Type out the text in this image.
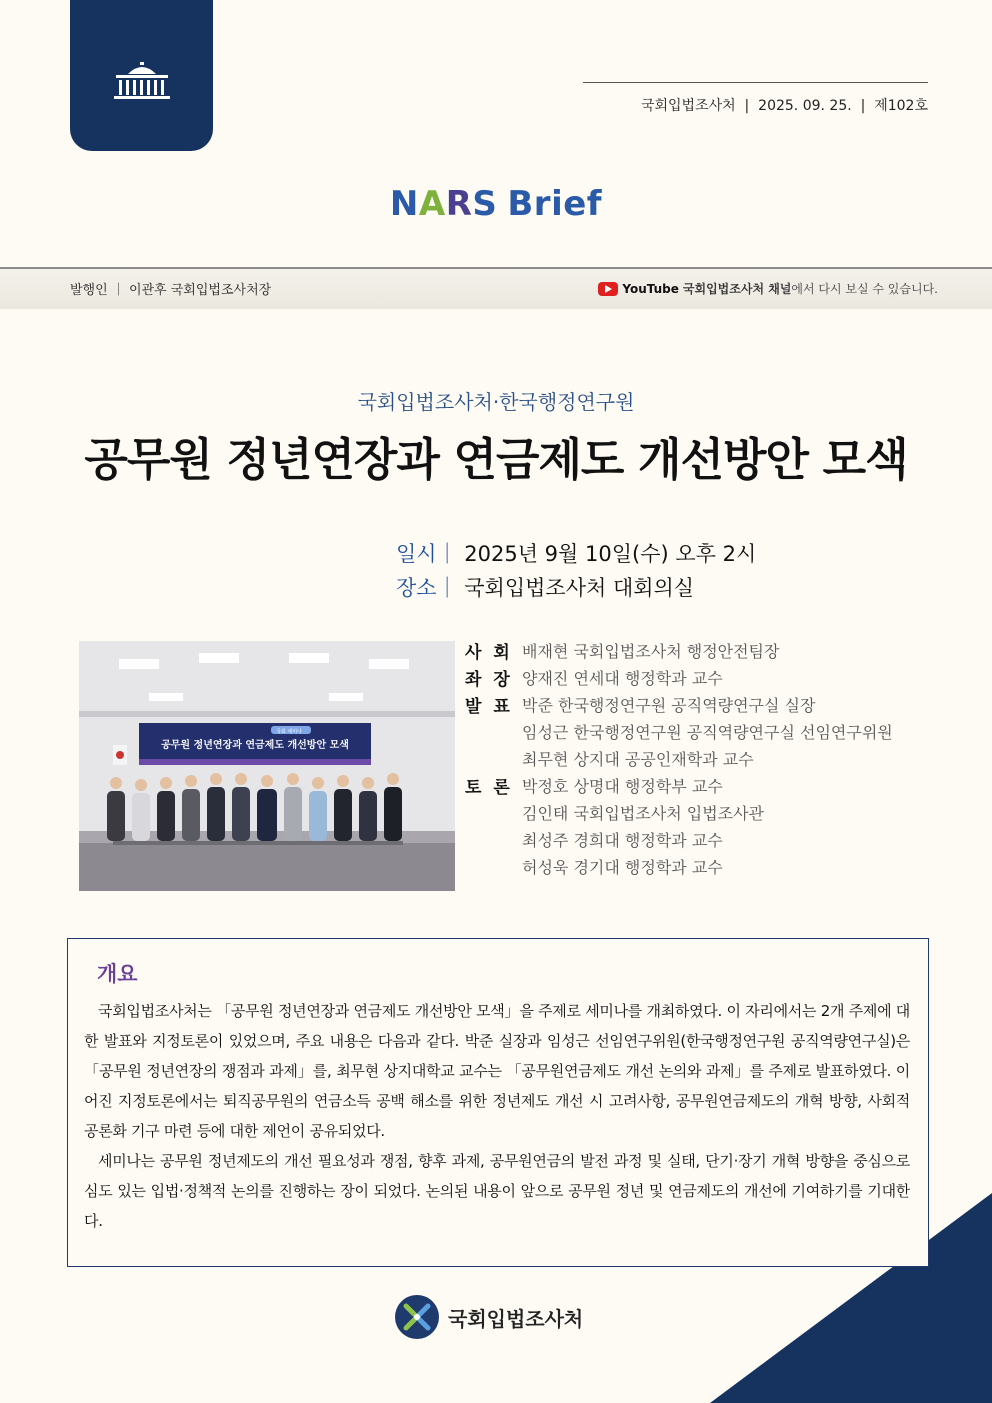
국회입법조사처  |  2025. 09. 25.  |  제102호
NARS Brief
발행인 ｜ 이관후 국회입법조사처장	YouTube 국회입법조사처 채널에서 다시 보실 수 있습니다.
국회입법조사처·한국행정연구원
공무원 정년연장과 연금제도 개선방안 모색
일시｜ 2025년 9월 10일(수) 오후 2시
장소｜ 국회입법조사처 대회의실
국회 세미나
공무원 정년연장과 연금제도 개선방안 모색
사 회 배재현 국회입법조사처 행정안전팀장
좌 장 양재진 연세대 행정학과 교수
발 표 박준 한국행정연구원 공직역량연구실 실장
임성근 한국행정연구원 공직역량연구실 선임연구위원
최무현 상지대 공공인재학과 교수
토 론 박정호 상명대 행정학부 교수
김인태 국회입법조사처 입법조사관
최성주 경희대 행정학과 교수
허성욱 경기대 행정학과 교수
개요

국회입법조사처는 「공무원 정년연장과 연금제도 개선방안 모색」을 주제로 세미나를 개최하였다. 이 자리에서는 2개 주제에 대한 발표와 지정토론이 있었으며, 주요 내용은 다음과 같다. 박준 실장과 임성근 선임연구위원(한국행정연구원 공직역량연구실)은 「공무원 정년연장의 쟁점과 과제」를, 최무현 상지대학교 교수는 「공무원연금제도 개선 논의와 과제」를 주제로 발표하였다. 이어진 지정토론에서는 퇴직공무원의 연금소득 공백 해소를 위한 정년제도 개선 시 고려사항, 공무원연금제도의 개혁 방향, 사회적 공론화 기구 마련 등에 대한 제언이 공유되었다.

세미나는 공무원 정년제도의 개선 필요성과 쟁점, 향후 과제, 공무원연금의 발전 과정 및 실태, 단기·장기 개혁 방향을 중심으로 심도 있는 입법·정책적 논의를 진행하는 장이 되었다. 논의된 내용이 앞으로 공무원 정년 및 연금제도의 개선에 기여하기를 기대한다.

국회입법조사처
